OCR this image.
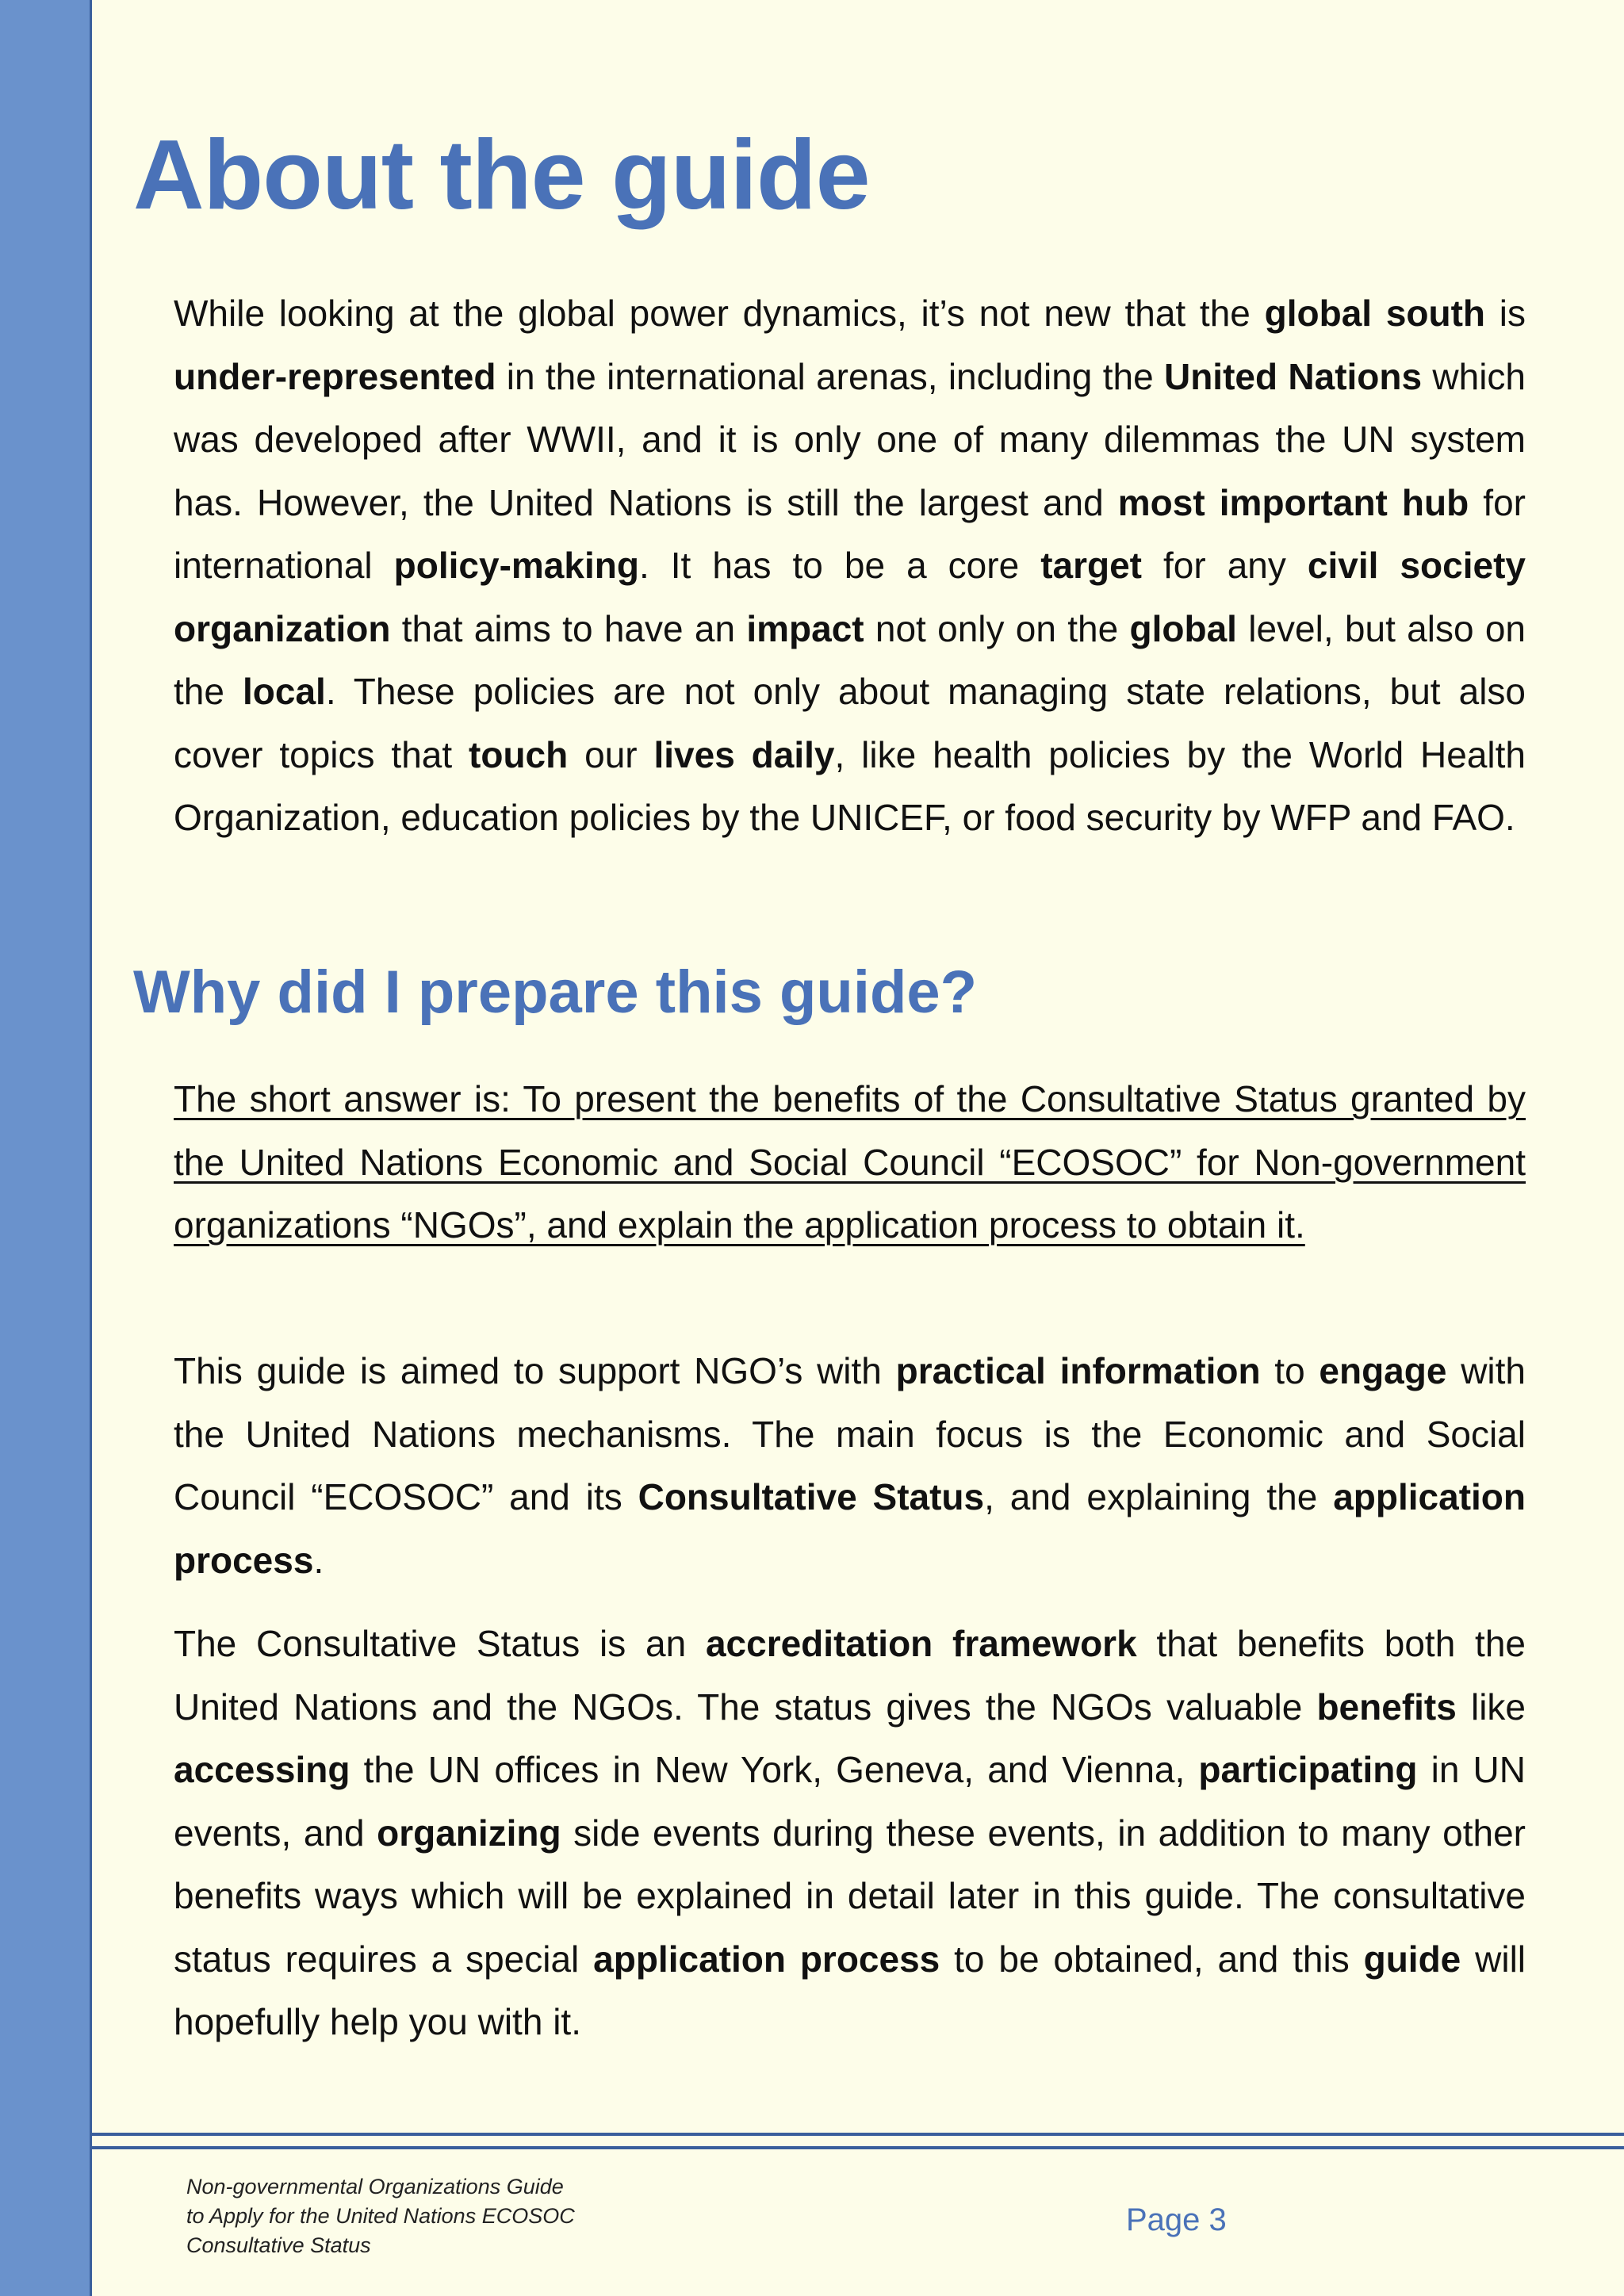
About the guide

While looking at the global power dynamics, it’s not new that the global south is under-represented in the international arenas, including the United Nations which was developed after WWII, and it is only one of many dilemmas the UN system has. However, the United Nations is still the largest and most important hub for international policy-making. It has to be a core target for any civil society organization that aims to have an impact not only on the global level, but also on the local. These policies are not only about managing state relations, but also cover topics that touch our lives daily, like health policies by the World Health Organization, education policies by the UNICEF, or food security by WFP and FAO.

Why did I prepare this guide?

The short answer is: To present the benefits of the Consultative Status granted by the United Nations Economic and Social Council “ECOSOC” for Non-government organizations “NGOs”, and explain the application process to obtain it.

This guide is aimed to support NGO’s with practical information to engage with the United Nations mechanisms. The main focus is the Economic and Social Council “ECOSOC” and its Consultative Status, and explaining the application process.

The Consultative Status is an accreditation framework that benefits both the United Nations and the NGOs. The status gives the NGOs valuable benefits like accessing the UN offices in New York, Geneva, and Vienna, participating in UN events, and organizing side events during these events, in addition to many other benefits ways which will be explained in detail later in this guide. The consultative status requires a special application process to be obtained, and this guide will hopefully help you with it.

Non-governmental Organizations Guide
to Apply for the United Nations ECOSOC
Consultative Status

Page 3
